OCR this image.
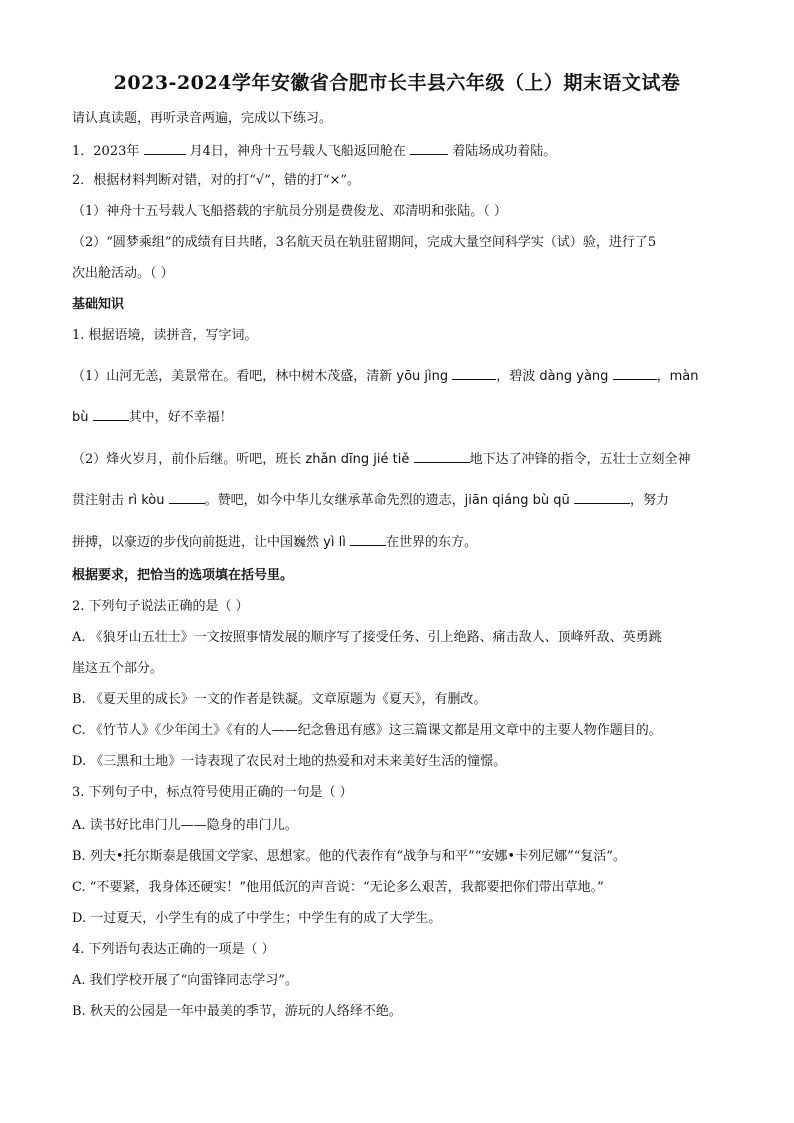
2023-2024学年安徽省合肥市长丰县六年级（上）期末语文试卷
请认真读题，再听录音两遍，完成以下练习。
1．2023年	月4日，神舟十五号载人飞船返回舱在	着陆场成功着陆。
2．根据材料判断对错，对的打“√”，错的打“×”。
（1）神舟十五号载人飞船搭载的宇航员分别是费俊龙、邓清明和张陆。（ ）
（2）“圆梦乘组”的成绩有目共睹，3名航天员在轨驻留期间，完成大量空间科学实（试）验，进行了5
次出舱活动。（ ）
基础知识
1. 根据语境，读拼音，写字词。
（1）山河无恙，美景常在。看吧，林中树木茂盛，清新 yōu jìng	，碧波 dàng yàng	，màn
bù	其中，好不幸福！
（2）烽火岁月，前仆后继。听吧，班长 zhǎn dīng jié tiě	地下达了冲锋的指令，五壮士立刻全神
贯注射击 rì kòu	。赞吧，如今中华儿女继承革命先烈的遗志，jiān qiáng bù qū	，努力
拼搏，以豪迈的步伐向前挺进，让中国巍然 yì lì	在世界的东方。
根据要求，把恰当的选项填在括号里。
2. 下列句子说法正确的是（ ）
A. 《狼牙山五壮士》一文按照事情发展的顺序写了接受任务、引上绝路、痛击敌人、顶峰歼敌、英勇跳
崖这五个部分。
B. 《夏天里的成长》一文的作者是铁凝。文章原题为《夏天》，有删改。
C. 《竹节人》《少年闰土》《有的人——纪念鲁迅有感》这三篇课文都是用文章中的主要人物作题目的。
D. 《三黑和土地》一诗表现了农民对土地的热爱和对未来美好生活的憧憬。
3. 下列句子中，标点符号使用正确的一句是（ ）
A. 读书好比串门儿——隐身的串门儿。
B. 列夫•托尔斯泰是俄国文学家、思想家。他的代表作有“战争与和平”“安娜•卡列尼娜”“复活”。
C. “不要紧，我身体还硬实！”他用低沉的声音说：“无论多么艰苦，我都要把你们带出草地。”
D. 一过夏天，小学生有的成了中学生；中学生有的成了大学生。
4. 下列语句表达正确的一项是（ ）
A. 我们学校开展了“向雷锋同志学习”。
B. 秋天的公园是一年中最美的季节，游玩的人络绎不绝。
